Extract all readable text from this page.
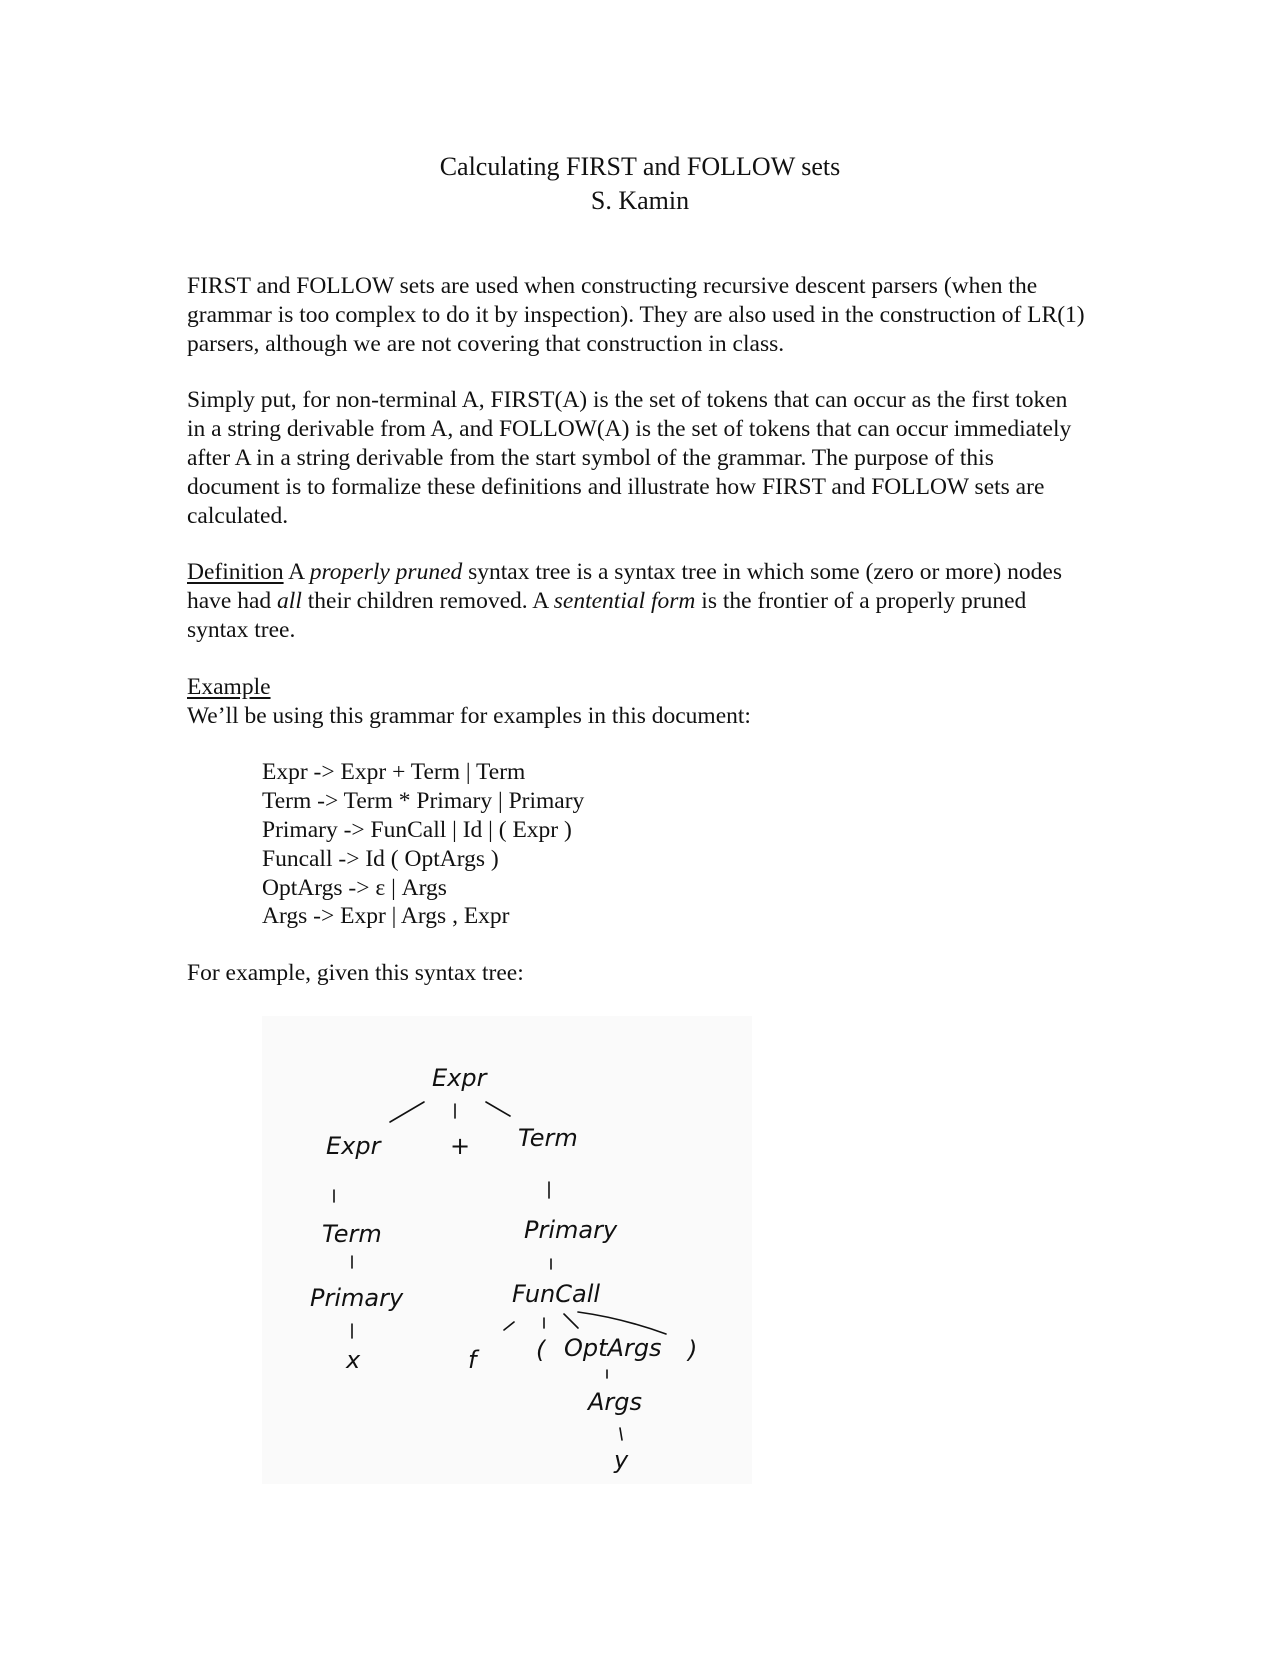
Calculating FIRST and FOLLOW sets
S. Kamin

FIRST and FOLLOW sets are used when constructing recursive descent parsers (when the grammar is too complex to do it by inspection). They are also used in the construction of LR(1) parsers, although we are not covering that construction in class.

Simply put, for non-terminal A, FIRST(A) is the set of tokens that can occur as the first token in a string derivable from A, and FOLLOW(A) is the set of tokens that can occur immediately after A in a string derivable from the start symbol of the grammar. The purpose of this document is to formalize these definitions and illustrate how FIRST and FOLLOW sets are calculated.

Definition A properly pruned syntax tree is a syntax tree in which some (zero or more) nodes have had all their children removed. A sentential form is the frontier of a properly pruned syntax tree.

Example

We’ll be using this grammar for examples in this document:

Expr -> Expr + Term | Term
Term -> Term * Primary | Primary
Primary -> FunCall | Id | ( Expr )
Funcall -> Id ( OptArgs )
OptArgs -> ε | Args
Args -> Expr | Args , Expr

For example, given this syntax tree:

Expr
Expr	+ Term
Term	Primary
Primary	FunCall
x	f ( OptArgs )
Args
y
